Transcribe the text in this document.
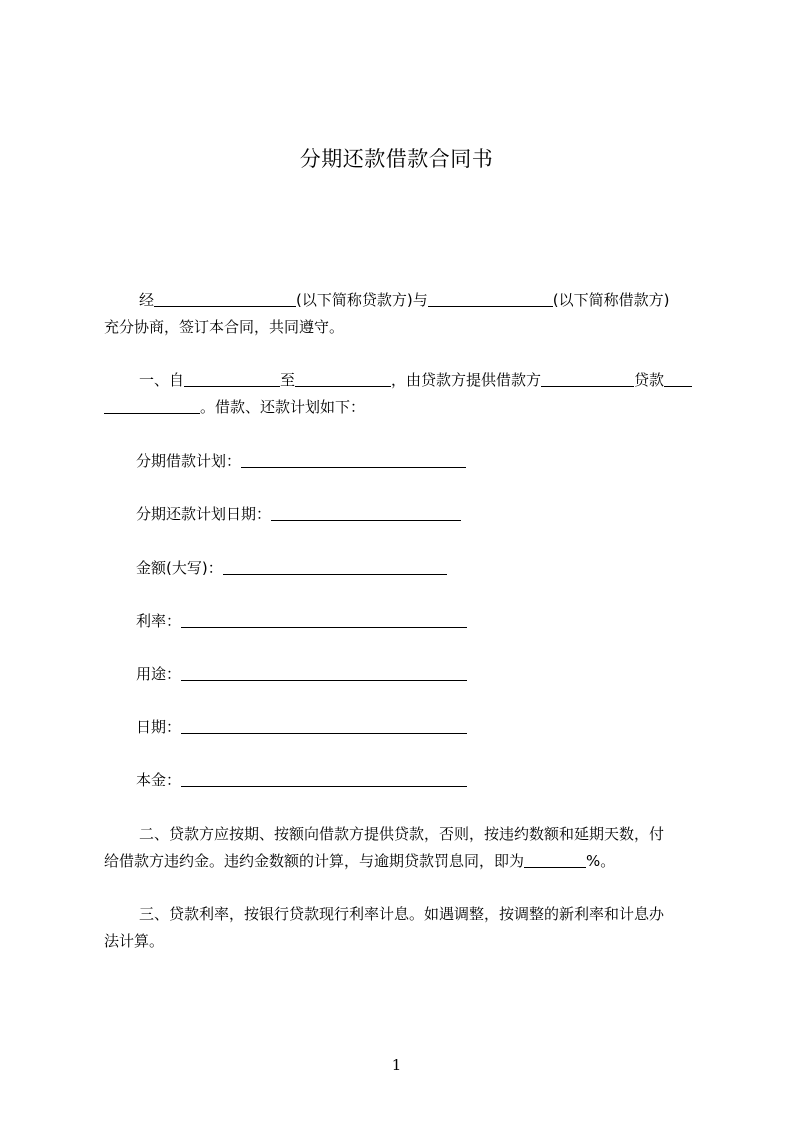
分期还款借款合同书
经	(以下简称贷款方)与	(以下简称借款方)
充分协商，签订本合同，共同遵守。
一、自	至	，由贷款方提供借款方	贷款
。借款、还款计划如下：
分期借款计划：
分期还款计划日期：
金额(大写)：
利率：
用途：
日期：
本金：
二、贷款方应按期、按额向借款方提供贷款，否则，按违约数额和延期天数，付
给借款方违约金。违约金数额的计算，与逾期贷款罚息同，即为	%。
三、贷款利率，按银行贷款现行利率计息。如遇调整，按调整的新利率和计息办
法计算。
1
